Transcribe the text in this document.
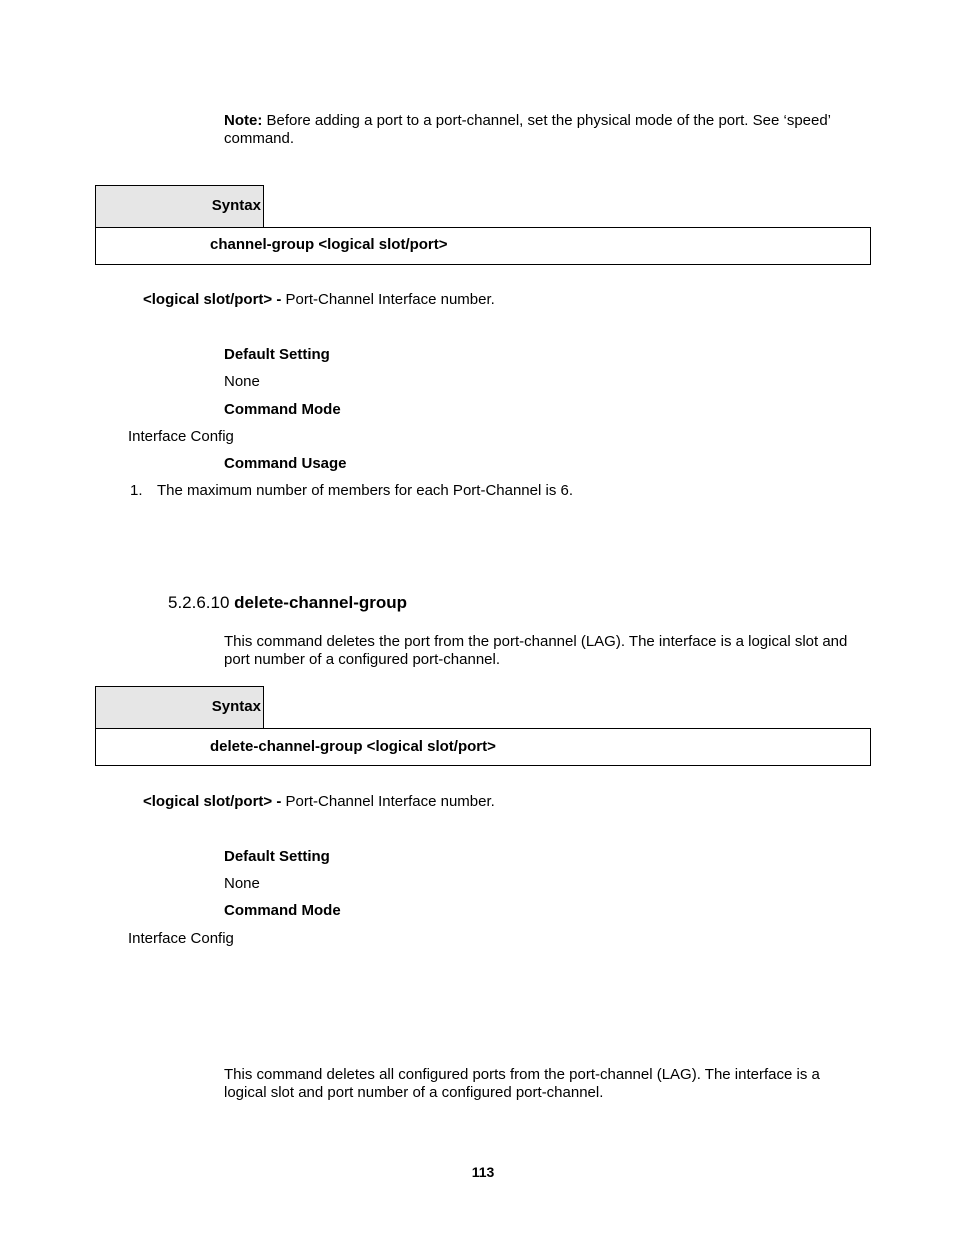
Note: Before adding a port to a port-channel, set the physical mode of the port. See ‘speed’ command.
Syntax
channel-group <logical slot/port>
<logical slot/port> - Port-Channel Interface number.
Default Setting
None
Command Mode
Interface Config
Command Usage
1. The maximum number of members for each Port-Channel is 6.
5.2.6.10 delete-channel-group
This command deletes the port from the port-channel (LAG). The interface is a logical slot and port number of a configured port-channel.
Syntax
delete-channel-group <logical slot/port>
<logical slot/port> - Port-Channel Interface number.
Default Setting
None
Command Mode
Interface Config
This command deletes all configured ports from the port-channel (LAG). The interface is a logical slot and port number of a configured port-channel.
113
